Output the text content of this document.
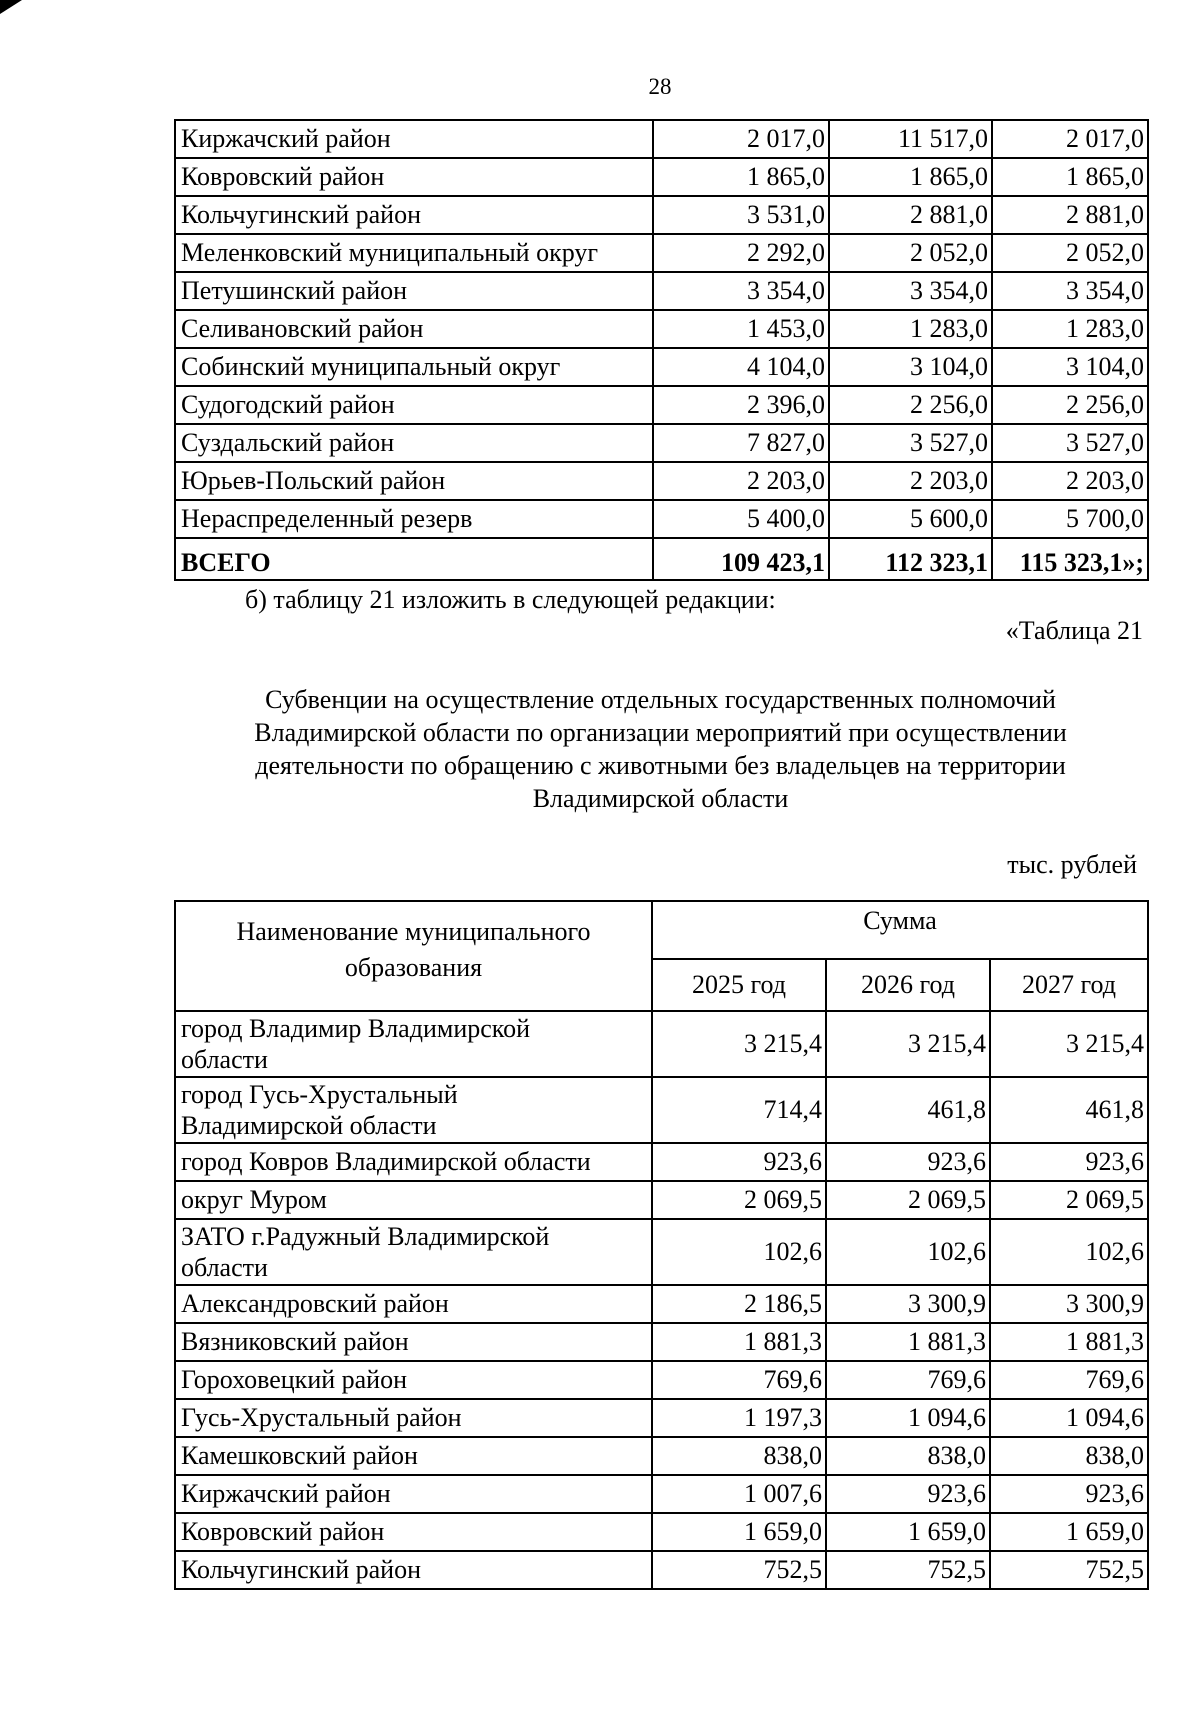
28
Киржачский район	2 017,0	11 517,0	2 017,0
Ковровский район	1 865,0	1 865,0	1 865,0
Кольчугинский район	3 531,0	2 881,0	2 881,0
Меленковский муниципальный округ	2 292,0	2 052,0	2 052,0
Петушинский район	3 354,0	3 354,0	3 354,0
Селивановский район	1 453,0	1 283,0	1 283,0
Собинский муниципальный округ	4 104,0	3 104,0	3 104,0
Судогодский район	2 396,0	2 256,0	2 256,0
Суздальский район	7 827,0	3 527,0	3 527,0
Юрьев-Польский район	2 203,0	2 203,0	2 203,0
Нераспределенный резерв	5 400,0	5 600,0	5 700,0
ВСЕГО	109 423,1	112 323,1	115 323,1»;
б) таблицу 21 изложить в следующей редакции:
«Таблица 21
Субвенции на осуществление отдельных государственных полномочий
Владимирской области по организации мероприятий при осуществлении
деятельности по обращению с животными без владельцев на территории
Владимирской области
тыс. рублей
Наименование муниципального
образования	Сумма		
	2025 год	2026 год	2027 год

город Владимир Владимирской
области	3 215,4	3 215,4	3 215,4

город Гусь-Хрустальный
Владимирской области	714,4	461,8	461,8
город Ковров Владимирской области	923,6	923,6	923,6
округ Муром	2 069,5	2 069,5	2 069,5

ЗАТО г.Радужный Владимирской
области	102,6	102,6	102,6
Александровский район	2 186,5	3 300,9	3 300,9
Вязниковский район	1 881,3	1 881,3	1 881,3
Гороховецкий район	769,6	769,6	769,6
Гусь-Хрустальный район	1 197,3	1 094,6	1 094,6
Камешковский район	838,0	838,0	838,0
Киржачский район	1 007,6	923,6	923,6
Ковровский район	1 659,0	1 659,0	1 659,0
Кольчугинский район	752,5	752,5	752,5
